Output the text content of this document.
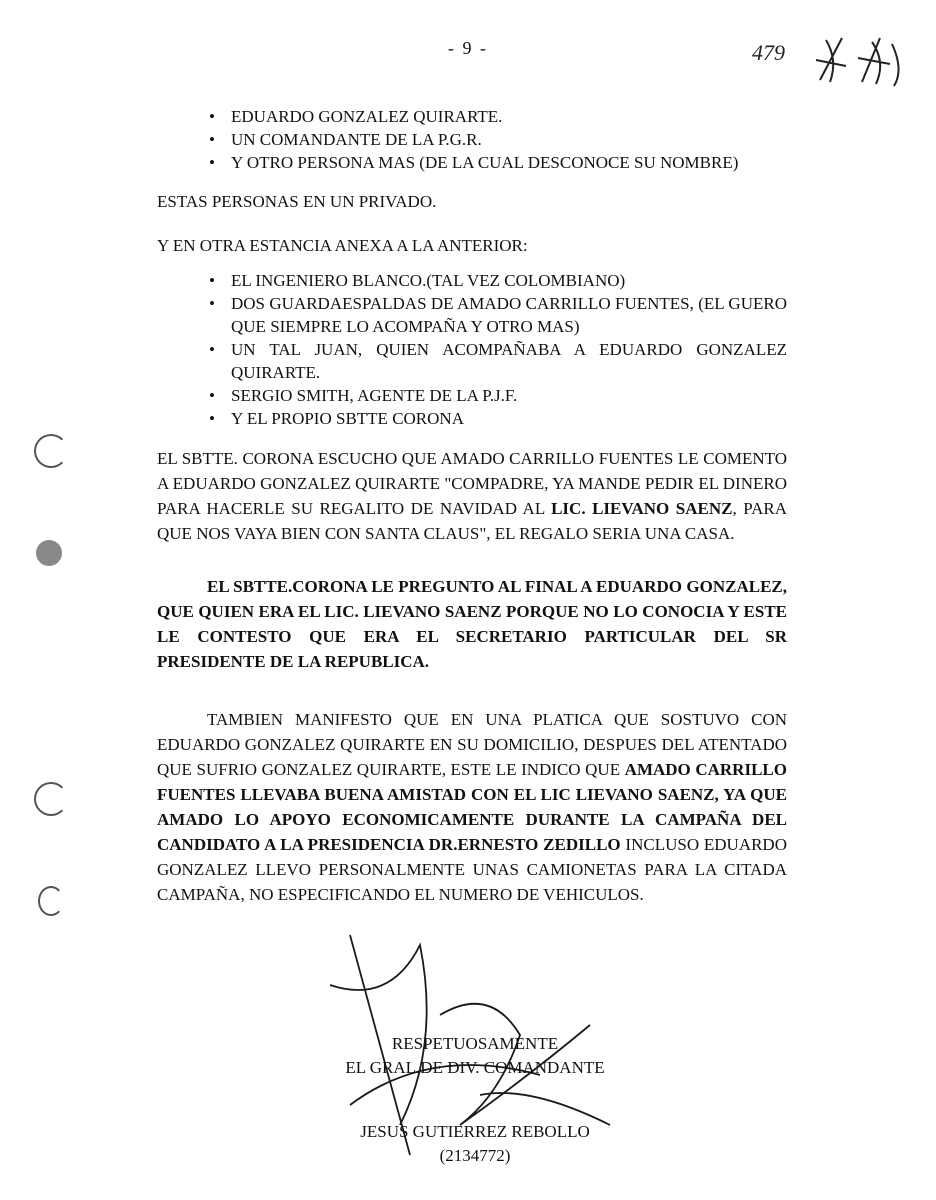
- 9 -	479
• EDUARDO GONZALEZ QUIRARTE.
• UN COMANDANTE DE LA P.G.R.
• Y OTRO PERSONA MAS (DE LA CUAL DESCONOCE SU NOMBRE)
ESTAS PERSONAS EN UN PRIVADO.
Y EN OTRA ESTANCIA ANEXA A LA ANTERIOR:
• EL INGENIERO BLANCO.(TAL VEZ COLOMBIANO)
• DOS GUARDAESPALDAS DE AMADO CARRILLO FUENTES, (EL GUERO QUE SIEMPRE LO ACOMPAÑA Y OTRO MAS)
• UN TAL JUAN, QUIEN ACOMPAÑABA A EDUARDO GONZALEZ QUIRARTE.
• SERGIO SMITH, AGENTE DE LA P.J.F.
• Y EL PROPIO SBTTE CORONA
EL SBTTE. CORONA ESCUCHO QUE AMADO CARRILLO FUENTES LE COMENTO A EDUARDO GONZALEZ QUIRARTE "COMPADRE, YA MANDE PEDIR EL DINERO PARA HACERLE SU REGALITO DE NAVIDAD AL LIC. LIEVANO SAENZ, PARA QUE NOS VAYA BIEN CON SANTA CLAUS", EL REGALO SERIA UNA CASA.
EL SBTTE.CORONA LE PREGUNTO AL FINAL A EDUARDO GONZALEZ, QUE QUIEN ERA EL LIC. LIEVANO SAENZ PORQUE NO LO CONOCIA Y ESTE LE CONTESTO QUE ERA EL SECRETARIO PARTICULAR DEL SR PRESIDENTE DE LA REPUBLICA.
TAMBIEN MANIFESTO QUE EN UNA PLATICA QUE SOSTUVO CON EDUARDO GONZALEZ QUIRARTE EN SU DOMICILIO, DESPUES DEL ATENTADO QUE SUFRIO GONZALEZ QUIRARTE, ESTE LE INDICO QUE AMADO CARRILLO FUENTES LLEVABA BUENA AMISTAD CON EL LIC LIEVANO SAENZ, YA QUE AMADO LO APOYO ECONOMICAMENTE DURANTE LA CAMPAÑA DEL CANDIDATO A LA PRESIDENCIA DR.ERNESTO ZEDILLO INCLUSO EDUARDO GONZALEZ LLEVO PERSONALMENTE UNAS CAMIONETAS PARA LA CITADA CAMPAÑA, NO ESPECIFICANDO EL NUMERO DE VEHICULOS.
RESPETUOSAMENTE
EL GRAL.DE DIV. COMANDANTE
JESUS GUTIERREZ REBOLLO
(2134772)
